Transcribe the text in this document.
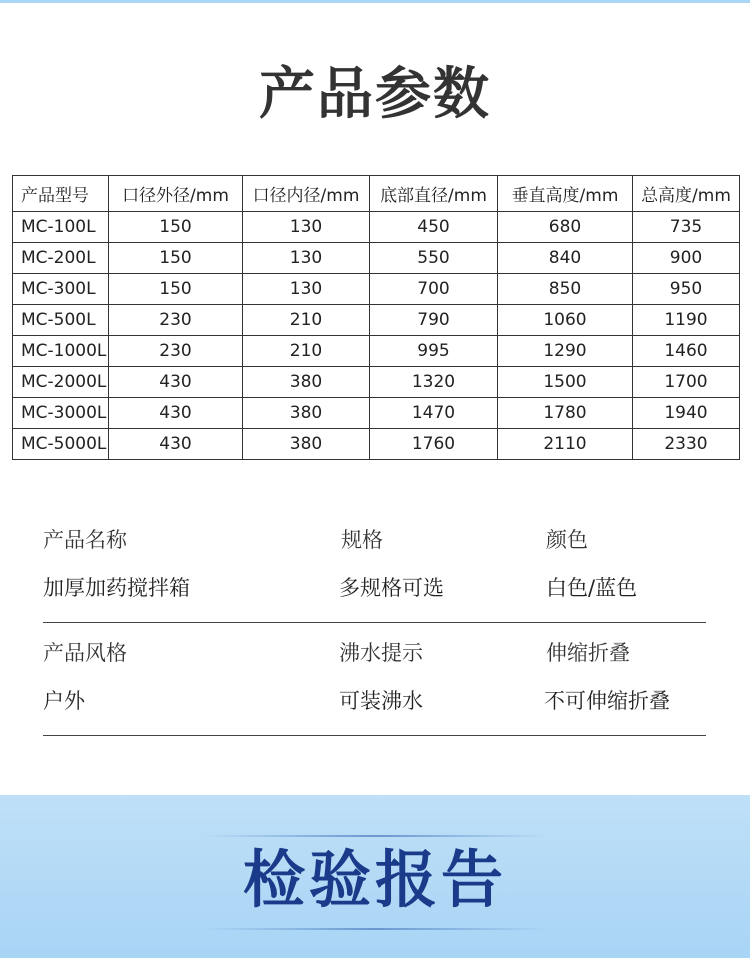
产品参数
产品型号	口径外径/mm	口径内径/mm	底部直径/mm	垂直高度/mm	总高度/mm
MC-100L	150	130	450	680	735
MC-200L	150	130	550	840	900
MC-300L	150	130	700	850	950
MC-500L	230	210	790	1060	1190
MC-1000L	230	210	995	1290	1460
MC-2000L	430	380	1320	1500	1700
MC-3000L	430	380	1470	1780	1940
MC-5000L	430	380	1760	2110	2330
产品名称	规格	颜色
加厚加药搅拌箱	多规格可选	白色/蓝色
产品风格	沸水提示	伸缩折叠
户外	可装沸水	不可伸缩折叠
检验报告
